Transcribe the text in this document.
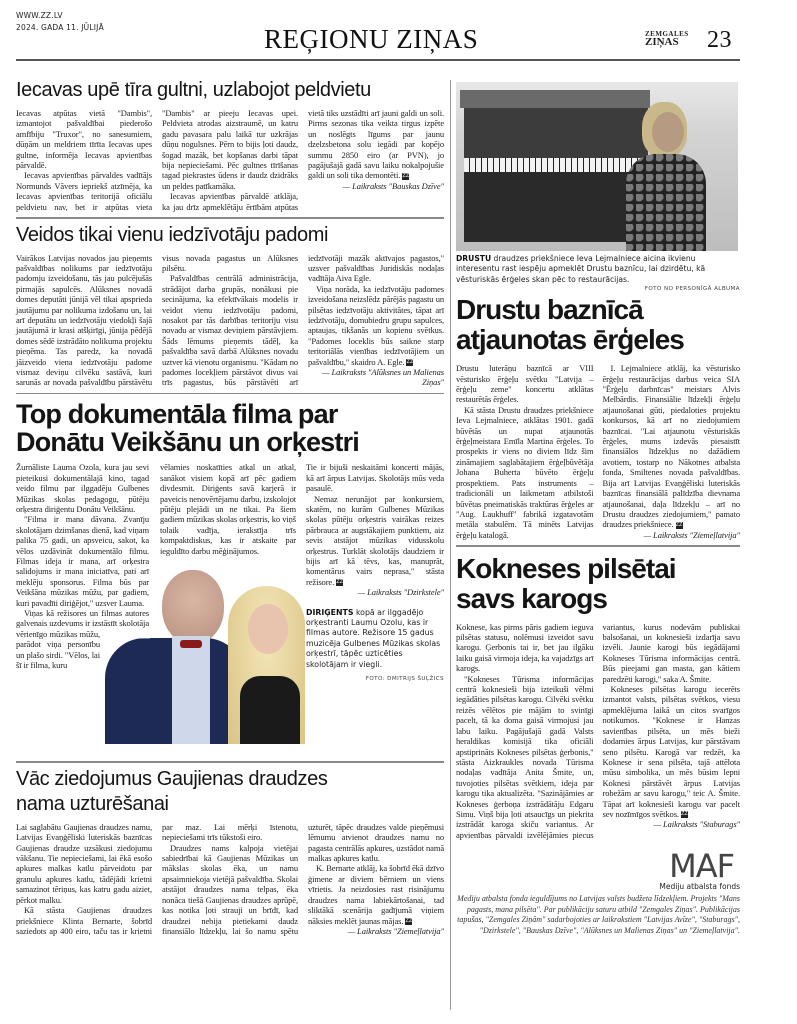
WWW.ZZ.LV
2024. GADA 11. JŪLIJĀ	REĢIONU ZIŅAS	ZEMGALES
ZIŅAS	23
Iecavas upē tīra gultni, uzlabojot peldvietu

Iecavas atpūtas vietā "Dambis", izmantojot pašvaldībai piederošo amfībiju "Truxor", no sanesumiem, dūņām un meldriem tīrīta Iecavas upes gultne, informēja Iecavas apvienības pārvaldē.

Iecavas apvienības pārvaldes vadītājs Normunds Vāvers iepriekš atzīmēja, ka Iecavas apvienības teritorijā oficiālu peldvietu nav, bet ir atpūtas vieta "Dambis" ar pieeju Iecavas upei. Peldvieta atrodas aizstraumē, un katru gadu pavasara palu laikā tur uzkrājas dūņu nogulsnes. Pērn to bijis ļoti daudz, šogad mazāk, bet kopšanas darbi tāpat bija nepieciešami. Pēc gultnes tīrīšanas tagad piekrastes ūdens ir daudz dzidrāks un peldes patīkamāka.

Iecavas apvienības pārvaldē atklāja, ka jau drīz apmeklētāju ērtībām atpūtas vietā tiks uzstādīti arī jauni galdi un soli. Pirms sezonas tika veikta tirgus izpēte un noslēgts līgums par jaunu dzelzsbetona solu iegādi par kopējo summu 2850 eiro (ar PVN), jo pagājušajā gadā savu laiku nokalpojušie galdi un soli tika demontēti. ZZ

— Laikraksts "Bauskas Dzīve"

Veidos tikai vienu iedzīvotāju padomi

Vairākos Latvijas novados jau pieņemts pašvaldības nolikums par iedzīvotāju padomju izveidošanu, tās jau pulcējušās pirmajās sapulcēs. Alūksnes novadā domes deputāti jūnijā vēl tikai apsprieda jautājumu par nolikuma izdošanu un, lai arī deputātu un iedzīvotāju viedokļi šajā jautājumā ir krasi atšķirīgi, jūnija pēdējā domes sēdē izstrādāto nolikuma projektu pieņēma. Tas paredz, ka novadā jāizveido viena iedzīvotāju padome vismaz deviņu cilvēku sastāvā, kuri sarunās ar novada pašvaldību pārstāvētu visus novada pagastus un Alūksnes pilsētu.

Pašvaldības centrālā administrācija, strādājot darba grupās, nonākusi pie secinājuma, ka efektīvākais modelis ir veidot vienu iedzīvotāju padomi, nosakot par tās darbības teritoriju visu novadu ar vismaz deviņiem pārstāvjiem. Šāds lēmums pieņemts tādēļ, ka pašvaldība savā darbā Alūksnes novadu uztver kā vienotu organismu. "Kādam no padomes locekļiem pārstāvot divus vai trīs pagastus, būs pārstāvēti arī iedzīvotāji mazāk aktīvajos pagastos," uzsver pašvaldības Juridiskās nodaļas vadītāja Aiva Egle.

Viņa norāda, ka iedzīvotāju padomes izveidošana neizslēdz pārējās pagastu un pilsētas iedzīvotāju aktivitātes, tāpat arī iedzīvotāju, domubiedru grupu sapulces, aptaujas, tikšanās un kopienu svētkus. "Padomes loceklis būs saikne starp teritoriālās vienības iedzīvotājiem un pašvaldību," skaidro A. Egle. ZZ

— Laikraksts "Alūksnes un Malienas Ziņas"

Top dokumentāla filma par
Donātu Veikšānu un orķestri

Žurnāliste Lauma Ozola, kura jau sevi pieteikusi dokumentālajā kino, tagad veido filmu par ilggadēju Gulbenes Mūzikas skolas pedagogu, pūtēju orķestra diriģentu Donātu Veikšānu.

"Filma ir mana dāvana. Zvanīju skolotājam dzimšanas dienā, kad viņam palika 75 gadi, un apsveicu, sakot, ka vēlos uzdāvināt dokumentālo filmu. Filmas ideja ir mana, arī orķestra salidojums ir mana iniciatīva, pati arī meklēju sponsorus. Filma būs par Veikšāna mūzikas mūžu, par gadiem, kuri pavadīti diriģējot," uzsver Lauma.

Viņas kā režisores un filmas autores galvenais uzdevums ir izstāstīt skolotāja vērienīgo mūzikas mūžu, parādot viņa personību un plašo sirdi. "Vēlos, lai šī ir filma, kuru

vēlamies noskatīties atkal un atkal, sanākot visiem kopā arī pēc gadiem divdesmit. Diriģents savā karjerā ir paveicis nenovērtējamu darbu, izskolojot pūtēju plejādi un ne tikai. Pa šiem gadiem mūzikas skolas orķestris, ko viņš tolaik vadīja, ierakstīja trīs kompaktdiskus, kas ir atskaite par ieguldīto darbu mēģinājumos.

Tie ir bijuši neskaitāmi koncerti mājās, kā arī ārpus Latvijas. Skolotājs mūs veda pasaulē.

Nemaz nerunājot par konkursiem, skatēm, no kurām Gulbenes Mūzikas skolas pūtēju orķestris vairākas reizes pārbrauca ar augstākajiem punktiem, aiz sevis atstājot mūzikas vidusskolu orķestrus. Turklāt skolotājs daudziem ir bijis arī kā tēvs, kas, manuprāt, komentārus vairs neprasa," stāsta režisore. ZZ

— Laikraksts "Dzirkstele"

DIRIĢENTS kopā ar ilggadējo orķestranti Laumu Ozolu, kas ir filmas autore. Režisore 15 gadus muzicēja Gulbenes Mūzikas skolas orķestrī, tāpēc uzticēties skolotājam ir viegli.
FOTO: DMITRIJS ŠUĻŽICS
Vāc ziedojumus Gaujienas draudzes
nama uzturēšanai

Lai saglabātu Gaujienas draudzes namu, Latvijas Evaņģēliski luteriskās baznīcas Gaujienas draudze uzsākusi ziedojumu vākšanu. Tie nepieciešami, lai ēkā esošo apkures malkas katlu pārveidotu par granulu apkures katlu, tādējādi krietni samazinot tēriņus, kas katru gadu aiziet, pērkot malku.

Kā stāsta Gaujienas draudzes priekšniece Klinta Bernarte, šobrīd saziedots ap 400 eiro, taču tas ir krietni par maz. Lai mērķi īstenotu, nepieciešami trīs tūkstoši eiro.

Draudzes nams kalpoja vietējai sabiedrībai kā Gaujienas Mūzikas un mākslas skolas ēka, un namu apsaimniekoja vietējā pašvaldība. Skolai atstājot draudzes nama telpas, ēka nonāca tiešā Gaujienas draudzes aprūpē, kas notika ļoti strauji un brīdī, kad draudzei nebija pietiekami daudz finansiālo līdzekļu, lai šo namu spētu uzturēt, tāpēc draudzes valde pieņēmusi lēmumu atvienot draudzes namu no pagasta centrālās apkures, uzstādot namā malkas apkures katlu.

K. Bernarte atklāj, ka šobrīd ēkā dzīvo ģimene ar diviem bērniem un viens vīrietis. Ja neizdosies rast risinājumu draudzes nama labiekārtošanai, tad sliktākā scenārija gadījumā viņiem nāksies meklēt jaunas mājas. ZZ

— Laikraksts "Ziemeļlatvija"

DRUSTU draudzes priekšniece Ieva Lejmalniece aicina ikvienu interesentu rast iespēju apmeklēt Drustu baznīcu, lai dzirdētu, kā vēsturiskās ērģeles skan pēc to restaurācijas.
FOTO NO PERSONĪGĀ ALBUMA
Drustu baznīcā
atjaunotas ērģeles

Drustu luterāņu baznīcā ar VIII vēsturisko ērģeļu svētku "Latvija – ērģeļu zeme" koncertu atklātas restaurētās ērģeles.

Kā stāsta Drustu draudzes priekšniece Ieva Lejmalniece, atklātas 1901. gadā būvētās un nupat atjaunotās ērģeļmeistara Emīla Martina ērģeles. To prospekts ir viens no diviem līdz šim zināmajiem saglabātajiem ērģeļbūvētāja Johana Buherta būvēto ērģeļu prospektiem. Pats instruments – tradicionāli un laikmetam atbilstoši būvētas pneimatiskās traktūras ērģeles ar "Aug. Laukhuff" fabrikā izgatavotām metāla stabulēm. Tā minēts Latvijas ērģeļu katalogā.

I. Lejmalniece atklāj, ka vēsturisko ērģeļu restaurācijas darbus veica SIA "Ērģeļu darbnīcas" meistars Alvis Melbārdis. Finansiālie līdzekļi ērģeļu atjaunošanai gūti, piedaloties projektu konkursos, kā arī no ziedojumiem baznīcai. "Lai atjaunotu vēsturiskās ērģeles, mums izdevās piesaistīt finansiālos līdzekļus no dažādiem avotiem, tostarp no Nākotnes atbalsta fonda, Smiltenes novada pašvaldības. Bija arī Latvijas Evaņģēliski luteriskās baznīcas finansiālā palīdzība dievnama atjaunošanai, daļa līdzekļu – arī no Drustu draudzes ziedojumiem," pamato draudzes priekšniece. ZZ

— Laikraksts "Ziemeļlatvija"

Kokneses pilsētai
savs karogs

Koknese, kas pirms pāris gadiem ieguva pilsētas statusu, nolēmusi izveidot savu karogu. Ģerbonis tai ir, bet jau ilgāku laiku gaisā virmoja ideja, ka vajadzīgs arī karogs.

"Kokneses Tūrisma informācijas centrā koknesieši bija izteikuši vēlmi iegādāties pilsētas karogu. Cilvēki svētku reizēs vēlētos pie mājām to svinīgi pacelt, tā ka doma gaisā virmojusi jau labu laiku. Pagājušajā gadā Valsts heraldikas komisijā tika oficiāli apstiprināts Kokneses pilsētas ģerbonis," stāsta Aizkraukles novada Tūrisma nodaļas vadītāja Anita Šmite, un, tuvojoties pilsētas svētkiem, ideja par karogu tika aktualizēta. "Sazinājāmies ar Kokneses ģerboņa izstrādātāju Edgaru Simu. Viņš bija ļoti atsaucīgs un piekrita izstrādāt karoga skiču variantus. Ar apvienības pārvaldi izvēlējāmies piecus variantus, kurus nodevām publiskai balsošanai, un koknesieši izdarīja savu izvēli. Jaunie karogi būs iegādājami Kokneses Tūrisma informācijas centrā. Būs pieejami gan masta, gan kātiem paredzēti karogi," saka A. Šmite.

Kokneses pilsētas karogu iecerēts izmantot valsts, pilsētas svētkos, viesu apmeklējuma laikā un citos svarīgos notikumos. "Koknese ir Hanzas savienības pilsēta, un mēs bieži dodamies ārpus Latvijas, kur pārstāvam seno pilsētu. Karogā var redzēt, ka Koknese ir sena pilsēta, tajā attēlota mūsu simbolika, un mēs būsim lepni Koknesi pārstāvēt ārpus Latvijas robežām ar savu karogu," teic A. Šmite. Tāpat arī koknesieši karogu var pacelt sev nozīmīgos svētkos. ZZ

— Laikraksts "Staburags"

MAF
Mediju atbalsta fonds
Mediju atbalsta fonda ieguldījums no Latvijas valsts budžeta līdzekļiem. Projekts "Mans pagasts, mana pilsēta". Par publikāciju saturu atbild "Zemgales Ziņas". Publikācijas tapušas, "Zemgales Ziņām" sadarbojoties ar laikrakstiem "Latvijas Avīze", "Staburags", "Dzirkstele", "Bauskas Dzīve", "Alūksnes un Malienas Ziņas" un "Ziemeļlatvija".
